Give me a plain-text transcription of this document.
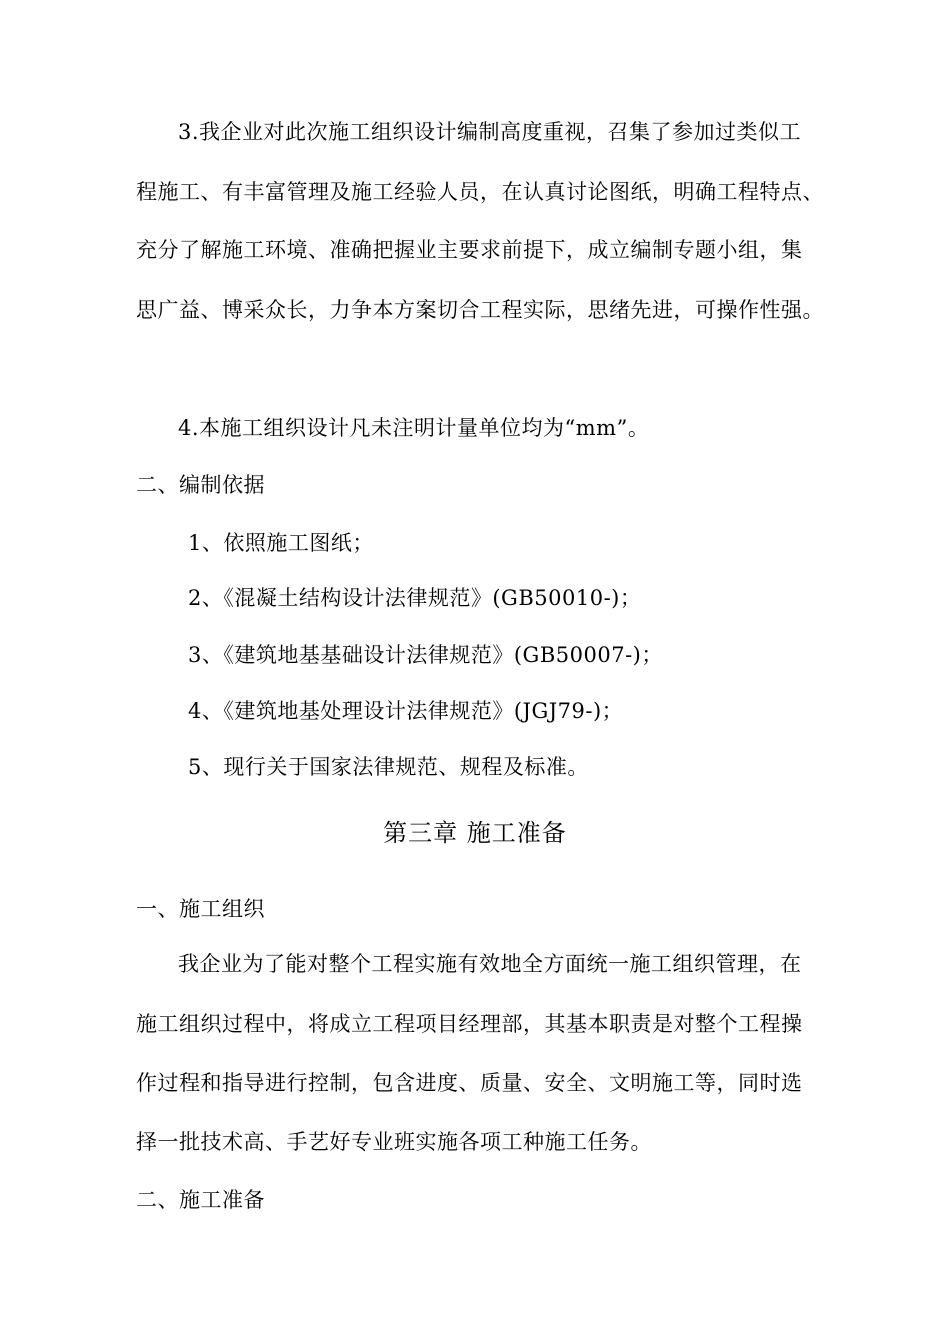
3.我企业对此次施工组织设计编制高度重视，召集了参加过类似工
程施工、有丰富管理及施工经验人员，在认真讨论图纸，明确工程特点、
充分了解施工环境、准确把握业主要求前提下，成立编制专题小组，集
思广益、博采众长，力争本方案切合工程实际，思绪先进，可操作性强。
4.本施工组织设计凡未注明计量单位均为“mm”。
二、编制依据
1、依照施工图纸；
2、《混凝土结构设计法律规范》(GB50010-)；
3、《建筑地基基础设计法律规范》(GB50007-)；
4、《建筑地基处理设计法律规范》(JGJ79-)；
5、现行关于国家法律规范、规程及标准。
第三章 施工准备
一、施工组织
我企业为了能对整个工程实施有效地全方面统一施工组织管理，在
施工组织过程中，将成立工程项目经理部，其基本职责是对整个工程操
作过程和指导进行控制，包含进度、质量、安全、文明施工等，同时选
择一批技术高、手艺好专业班实施各项工种施工任务。
二、施工准备
